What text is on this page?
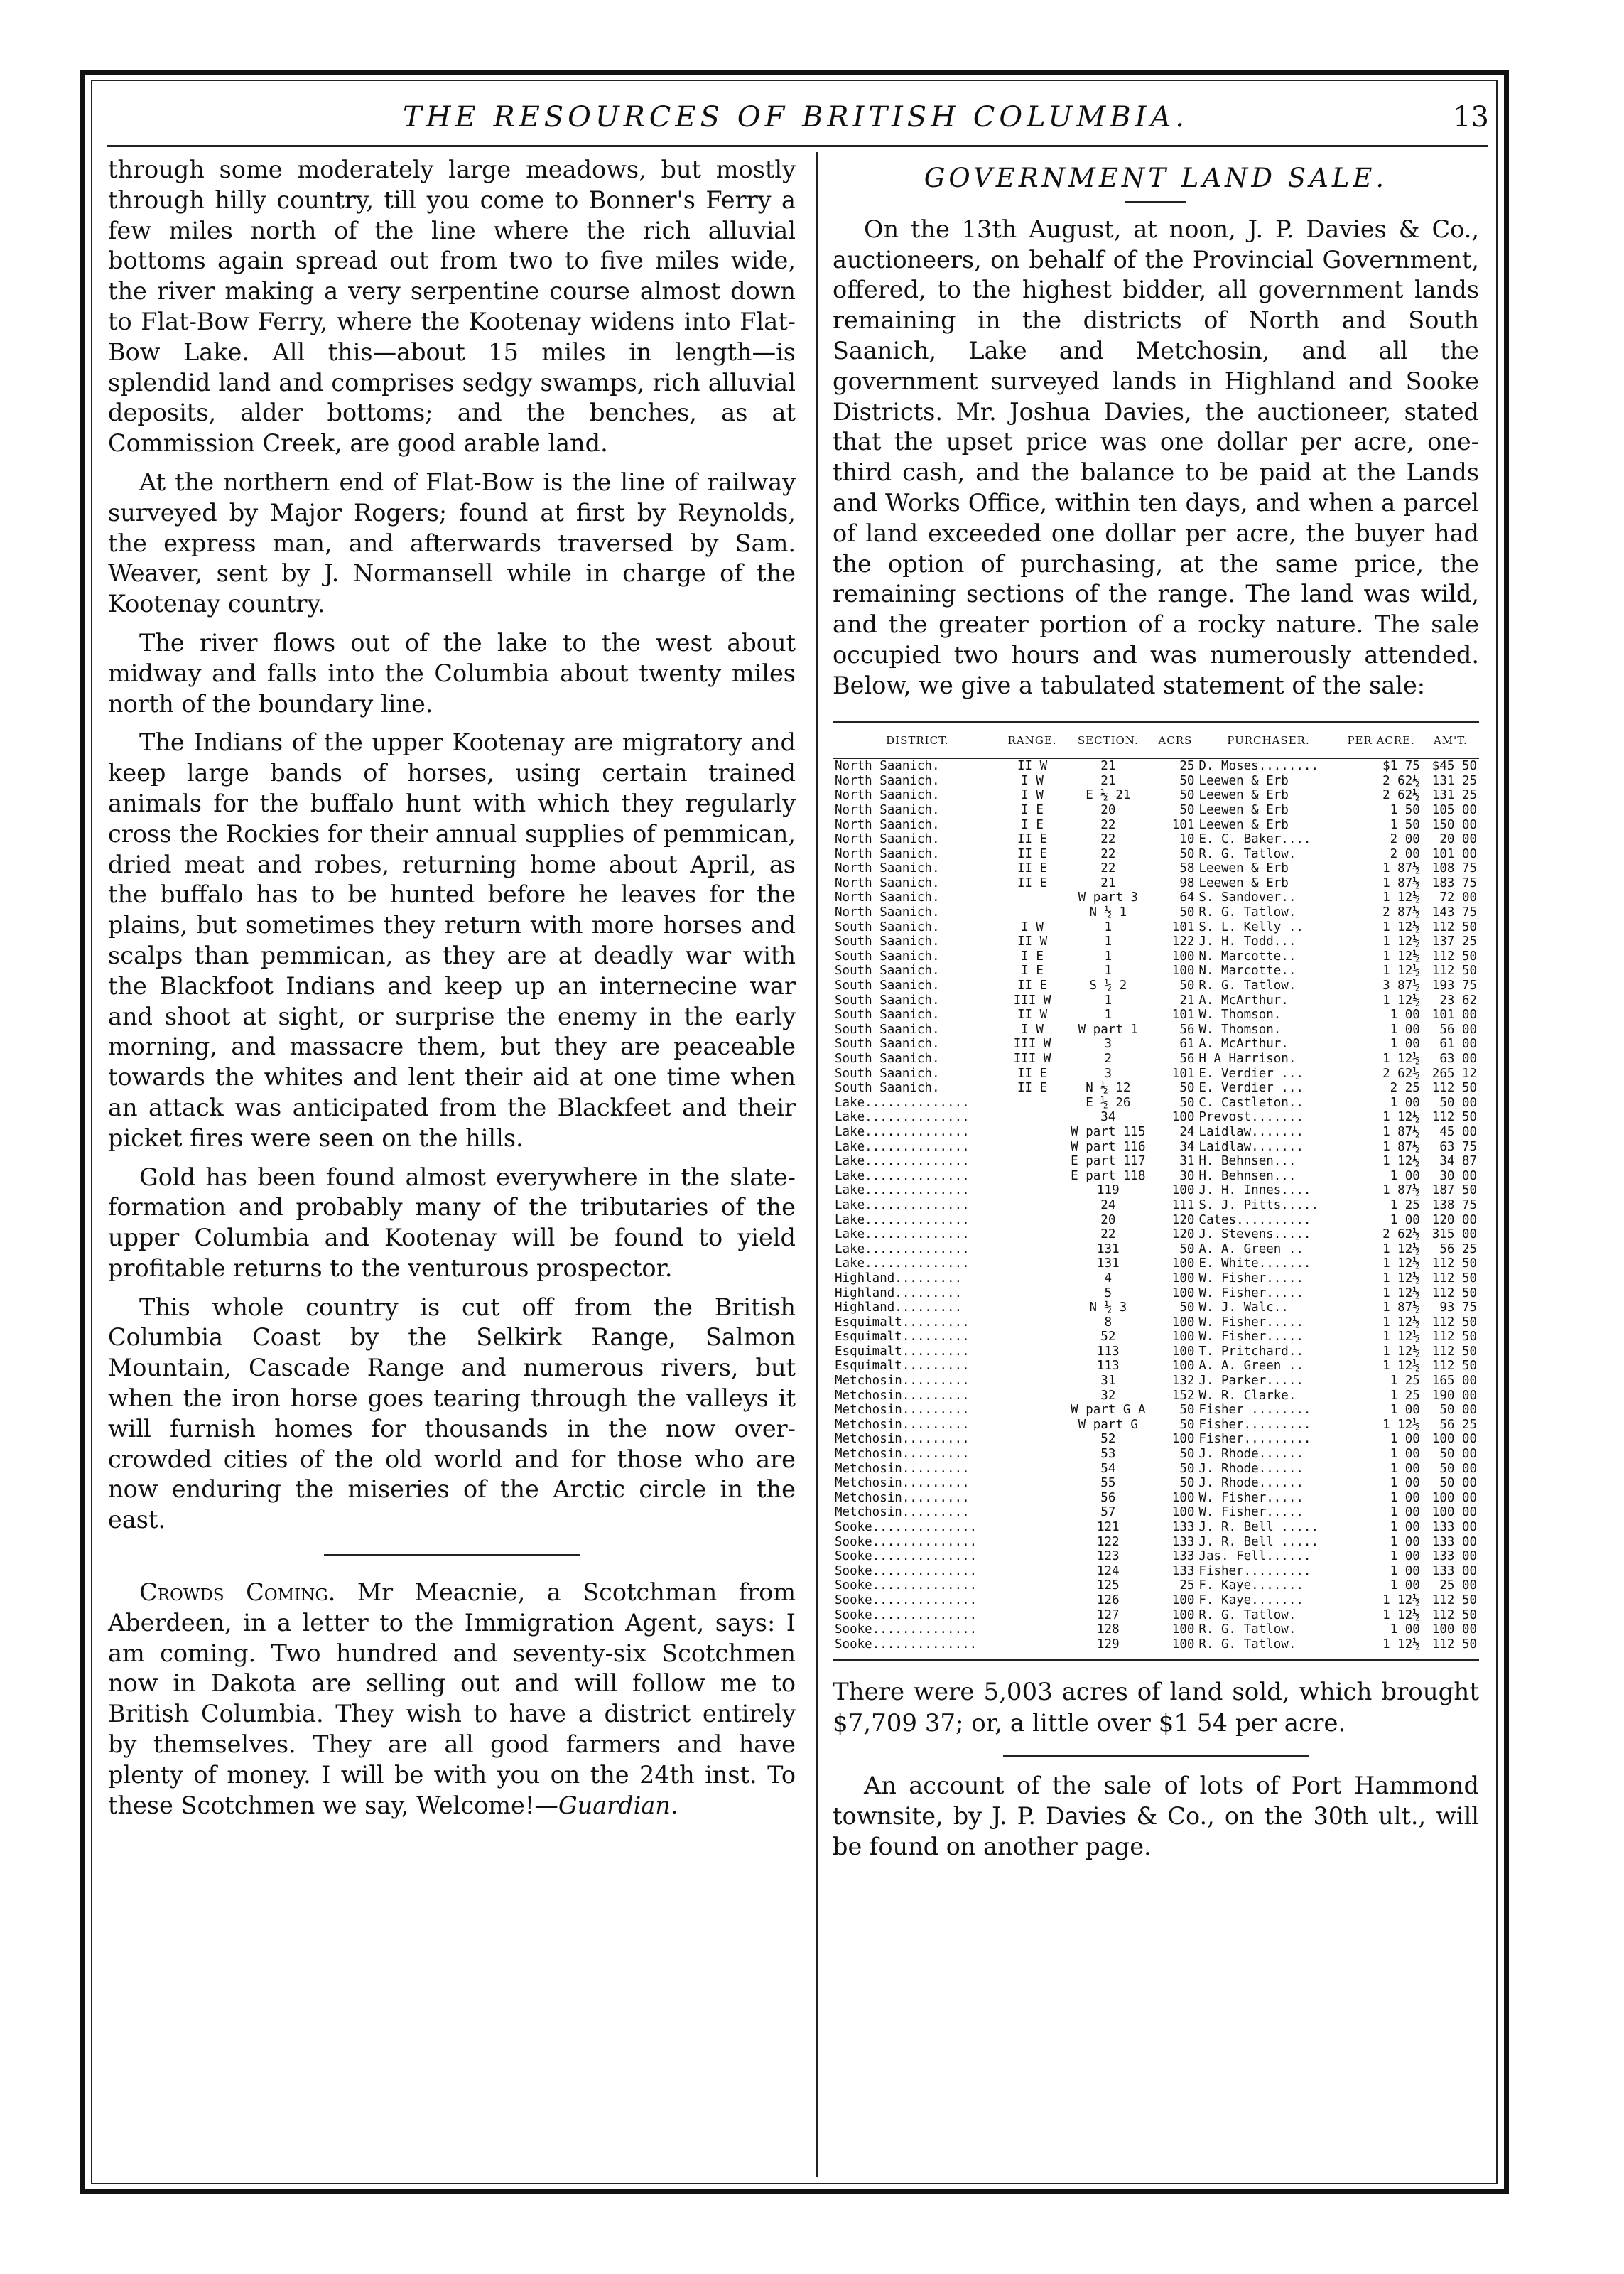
THE RESOURCES OF BRITISH COLUMBIA.	13

through some moderately large meadows, but mostly through hilly country, till you come to Bonner's Ferry a few miles north of the line where the rich alluvial bottoms again spread out from two to five miles wide, the river making a very serpentine course almost down to Flat-Bow Ferry, where the Kootenay widens into Flat-Bow Lake. All this—about 15 miles in length—is splendid land and comprises sedgy swamps, rich alluvial deposits, alder bottoms; and the benches, as at Commission Creek, are good arable land.

At the northern end of Flat-Bow is the line of railway surveyed by Major Rogers; found at first by Reynolds, the express man, and afterwards traversed by Sam. Weaver, sent by J. Normansell while in charge of the Kootenay country.

The river flows out of the lake to the west about midway and falls into the Columbia about twenty miles north of the boundary line.

The Indians of the upper Kootenay are migratory and keep large bands of horses, using certain trained animals for the buffalo hunt with which they regularly cross the Rockies for their annual supplies of pemmican, dried meat and robes, returning home about April, as the buffalo has to be hunted before he leaves for the plains, but sometimes they return with more horses and scalps than pemmican, as they are at deadly war with the Blackfoot Indians and keep up an internecine war and shoot at sight, or surprise the enemy in the early morning, and massacre them, but they are peaceable towards the whites and lent their aid at one time when an attack was anticipated from the Blackfeet and their picket fires were seen on the hills.

Gold has been found almost everywhere in the slate-formation and probably many of the tributaries of the upper Columbia and Kootenay will be found to yield profitable returns to the venturous prospector.

This whole country is cut off from the British Columbia Coast by the Selkirk Range, Salmon Mountain, Cascade Range and numerous rivers, but when the iron horse goes tearing through the valleys it will furnish homes for thousands in the now over-crowded cities of the old world and for those who are now enduring the miseries of the Arctic circle in the east.

Crowds Coming. Mr Meacnie, a Scotchman from Aberdeen, in a letter to the Immigration Agent, says: I am coming. Two hundred and seventy-six Scotchmen now in Dakota are selling out and will follow me to British Columbia. They wish to have a district entirely by themselves. They are all good farmers and have plenty of money. I will be with you on the 24th inst. To these Scotchmen we say, Welcome!—Guardian.

GOVERNMENT LAND SALE.

On the 13th August, at noon, J. P. Davies & Co., auctioneers, on behalf of the Provincial Government, offered, to the highest bidder, all government lands remaining in the districts of North and South Saanich, Lake and Metchosin, and all the government surveyed lands in Highland and Sooke Districts. Mr. Joshua Davies, the auctioneer, stated that the upset price was one dollar per acre, one-third cash, and the balance to be paid at the Lands and Works Office, within ten days, and when a parcel of land exceeded one dollar per acre, the buyer had the option of purchasing, at the same price, the remaining sections of the range. The land was wild, and the greater portion of a rocky nature. The sale occupied two hours and was numerously attended. Below, we give a tabulated statement of the sale:

DISTRICT.	RANGE.	SECTION.	ACRS	PURCHASER.	PER ACRE.	AM'T.
North Saanich.	II W	21	25	D. Moses........	$1 75	$45 50
North Saanich.	I W	21	50	Leewen & Erb	2 62½	131 25
North Saanich.	I W	E ½ 21	50	Leewen & Erb	2 62½	131 25
North Saanich.	I E	20	50	Leewen & Erb	1 50	105 00
North Saanich.	I E	22	101	Leewen & Erb	1 50	150 00
North Saanich.	II E	22	10	E. C. Baker....	2 00	20 00
North Saanich.	II E	22	50	R. G. Tatlow.	2 00	101 00
North Saanich.	II E	22	58	Leewen & Erb	1 87½	108 75
North Saanich.	II E	21	98	Leewen & Erb	1 87½	183 75
North Saanich.		W part 3	64	S. Sandover..	1 12½	72 00
North Saanich.		N ½ 1	50	R. G. Tatlow.	2 87½	143 75
South Saanich.	I W	1	101	S. L. Kelly ..	1 12½	112 50
South Saanich.	II W	1	122	J. H. Todd...	1 12½	137 25
South Saanich.	I E	1	100	N. Marcotte..	1 12½	112 50
South Saanich.	I E	1	100	N. Marcotte..	1 12½	112 50
South Saanich.	II E	S ½ 2	50	R. G. Tatlow.	3 87½	193 75
South Saanich.	III W	1	21	A. McArthur.	1 12½	23 62
South Saanich.	II W	1	101	W. Thomson.	1 00	101 00
South Saanich.	I W	W part 1	56	W. Thomson.	1 00	56 00
South Saanich.	III W	3	61	A. McArthur.	1 00	61 00
South Saanich.	III W	2	56	H A Harrison.	1 12½	63 00
South Saanich.	II E	3	101	E. Verdier ...	2 62½	265 12
South Saanich.	II E	N ½ 12	50	E. Verdier ...	2 25	112 50
Lake..............		E ½ 26	50	C. Castleton..	1 00	50 00
Lake..............		34	100	Prevost.......	1 12½	112 50
Lake..............		W part 115	24	Laidlaw.......	1 87½	45 00
Lake..............		W part 116	34	Laidlaw.......	1 87½	63 75
Lake..............		E part 117	31	H. Behnsen...	1 12½	34 87
Lake..............		E part 118	30	H. Behnsen...	1 00	30 00
Lake..............		119	100	J. H. Innes....	1 87½	187 50
Lake..............		24	111	S. J. Pitts.....	1 25	138 75
Lake..............		20	120	Cates..........	1 00	120 00
Lake..............		22	120	J. Stevens.....	2 62½	315 00
Lake..............		131	50	A. A. Green ..	1 12½	56 25
Lake..............		131	100	E. White.......	1 12½	112 50
Highland.........		4	100	W. Fisher.....	1 12½	112 50
Highland.........		5	100	W. Fisher.....	1 12½	112 50
Highland.........		N ½ 3	50	W. J. Walc..	1 87½	93 75
Esquimalt.........		8	100	W. Fisher.....	1 12½	112 50
Esquimalt.........		52	100	W. Fisher.....	1 12½	112 50
Esquimalt.........		113	100	T. Pritchard..	1 12½	112 50
Esquimalt.........		113	100	A. A. Green ..	1 12½	112 50
Metchosin.........		31	132	J. Parker.....	1 25	165 00
Metchosin.........		32	152	W. R. Clarke.	1 25	190 00
Metchosin.........		W part G A	50	Fisher ........	1 00	50 00
Metchosin.........		W part G	50	Fisher.........	1 12½	56 25
Metchosin.........		52	100	Fisher.........	1 00	100 00
Metchosin.........		53	50	J. Rhode......	1 00	50 00
Metchosin.........		54	50	J. Rhode......	1 00	50 00
Metchosin.........		55	50	J. Rhode......	1 00	50 00
Metchosin.........		56	100	W. Fisher.....	1 00	100 00
Metchosin.........		57	100	W. Fisher.....	1 00	100 00
Sooke..............		121	133	J. R. Bell .....	1 00	133 00
Sooke..............		122	133	J. R. Bell .....	1 00	133 00
Sooke..............		123	133	Jas. Fell......	1 00	133 00
Sooke..............		124	133	Fisher.........	1 00	133 00
Sooke..............		125	25	F. Kaye.......	1 00	25 00
Sooke..............		126	100	F. Kaye.......	1 12½	112 50
Sooke..............		127	100	R. G. Tatlow.	1 12½	112 50
Sooke..............		128	100	R. G. Tatlow.	1 00	100 00
Sooke..............		129	100	R. G. Tatlow.	1 12½	112 50
There were 5,003 acres of land sold, which brought $7,709 37; or, a little over $1 54 per acre.

An account of the sale of lots of Port Hammond townsite, by J. P. Davies & Co., on the 30th ult., will be found on another page.
